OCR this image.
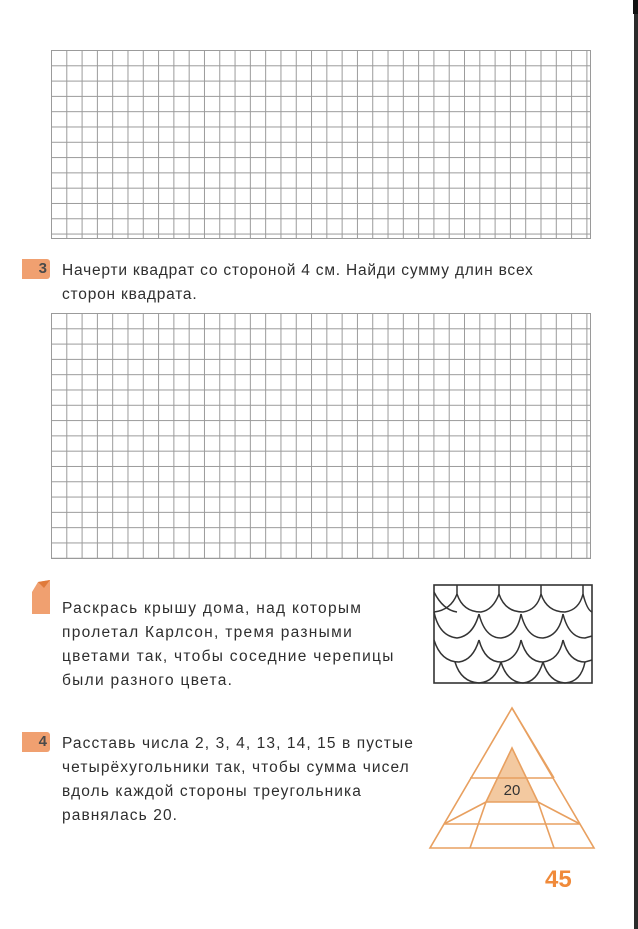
3 Начерти квадрат со стороной 4 см. Найди сумму длин всех сторон квадрата.
Раскрась крышу дома, над которым пролетал Карлсон, тремя разными цветами так, чтобы соседние черепицы были разного цвета.
4 Расставь числа 2, 3, 4, 13, 14, 15 в пустые четырёхугольники так, чтобы сумма чисел вдоль каждой стороны треугольника равнялась 20.
20
45
